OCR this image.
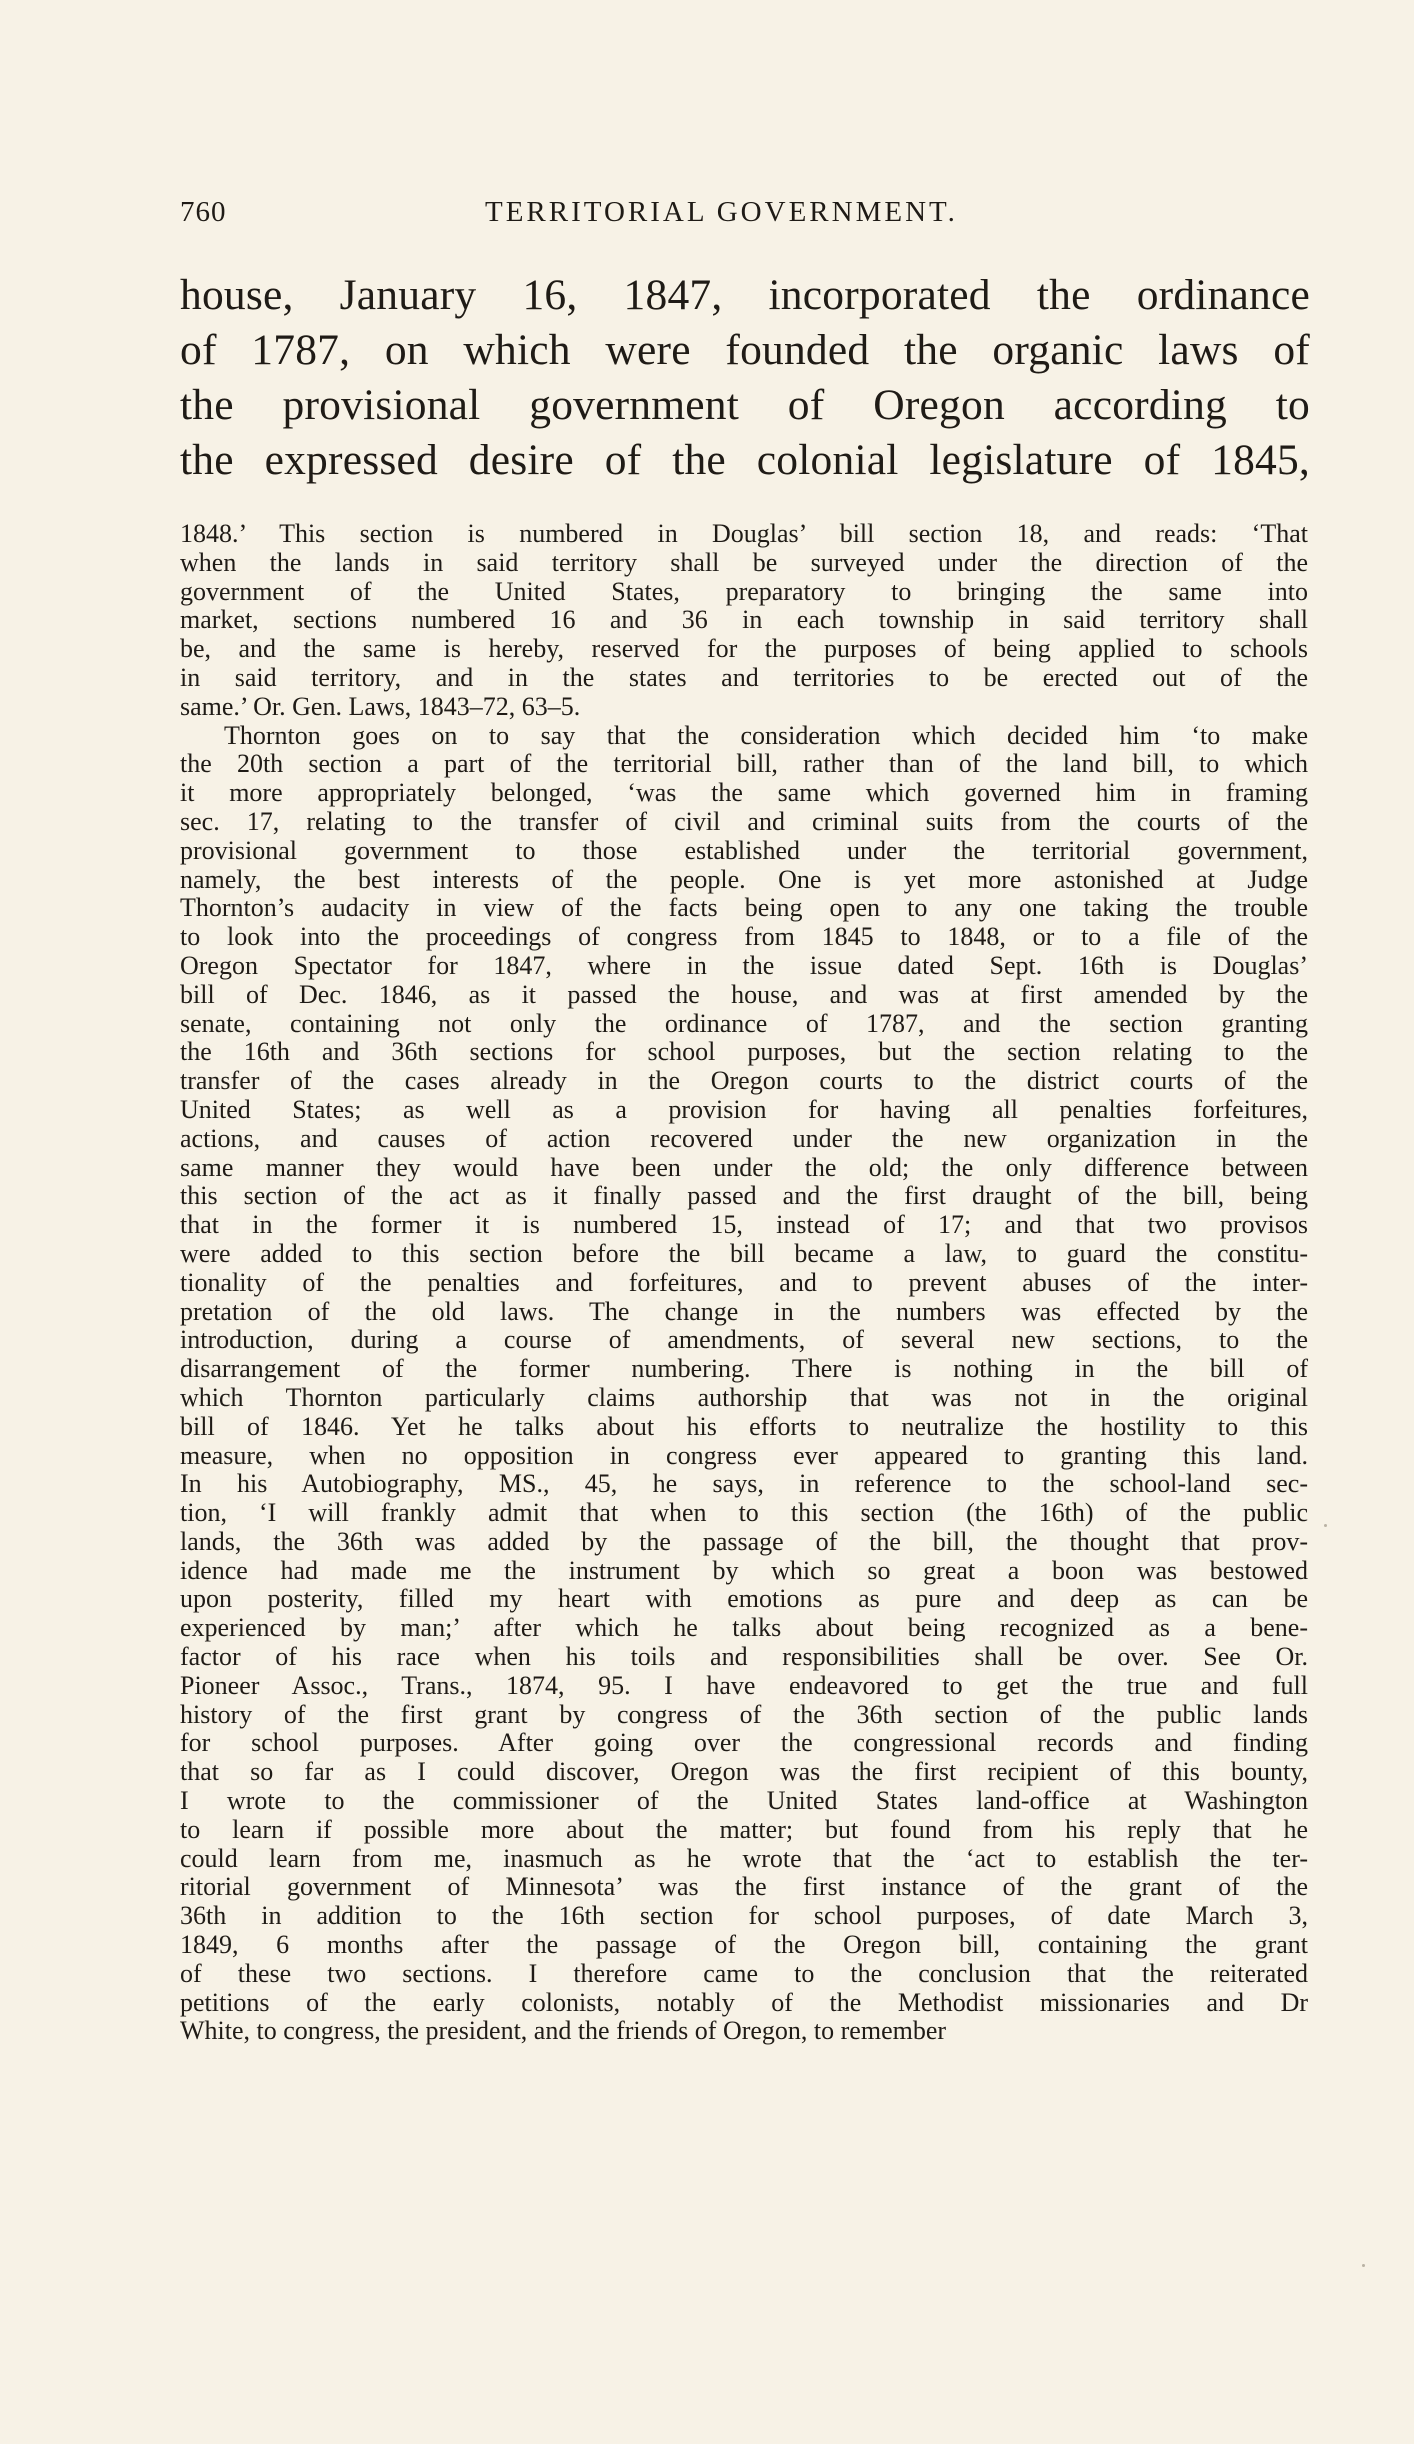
760	TERRITORIAL GOVERNMENT.
house, January 16, 1847, incorporated the ordinance
of 1787, on which were founded the organic laws of
the provisional government of Oregon according to
the expressed desire of the colonial legislature of 1845,
1848.’ This section is numbered in Douglas’ bill section 18, and reads: ‘That
when the lands in said territory shall be surveyed under the direction of the
government of the United States, preparatory to bringing the same into
market, sections numbered 16 and 36 in each township in said territory shall
be, and the same is hereby, reserved for the purposes of being applied to schools
in said territory, and in the states and territories to be erected out of the
same.’ Or. Gen. Laws, 1843–72, 63–5.
Thornton goes on to say that the consideration which decided him ‘to make
the 20th section a part of the territorial bill, rather than of the land bill, to which
it more appropriately belonged, ‘was the same which governed him in framing
sec. 17, relating to the transfer of civil and criminal suits from the courts of the
provisional government to those established under the territorial government,
namely, the best interests of the people. One is yet more astonished at Judge
Thornton’s audacity in view of the facts being open to any one taking the trouble
to look into the proceedings of congress from 1845 to 1848, or to a file of the
Oregon Spectator for 1847, where in the issue dated Sept. 16th is Douglas’
bill of Dec. 1846, as it passed the house, and was at first amended by the
senate, containing not only the ordinance of 1787, and the section granting
the 16th and 36th sections for school purposes, but the section relating to the
transfer of the cases already in the Oregon courts to the district courts of the
United States; as well as a provision for having all penalties forfeitures,
actions, and causes of action recovered under the new organization in the
same manner they would have been under the old; the only difference between
this section of the act as it finally passed and the first draught of the bill, being
that in the former it is numbered 15, instead of 17; and that two provisos
were added to this section before the bill became a law, to guard the constitu-
tionality of the penalties and forfeitures, and to prevent abuses of the inter-
pretation of the old laws. The change in the numbers was effected by the
introduction, during a course of amendments, of several new sections, to the
disarrangement of the former numbering. There is nothing in the bill of
which Thornton particularly claims authorship that was not in the original
bill of 1846. Yet he talks about his efforts to neutralize the hostility to this
measure, when no opposition in congress ever appeared to granting this land.
In his Autobiography, MS., 45, he says, in reference to the school-land sec-
tion, ‘I will frankly admit that when to this section (the 16th) of the public
lands, the 36th was added by the passage of the bill, the thought that prov-
idence had made me the instrument by which so great a boon was bestowed
upon posterity, filled my heart with emotions as pure and deep as can be
experienced by man;’ after which he talks about being recognized as a bene-
factor of his race when his toils and responsibilities shall be over. See Or.
Pioneer Assoc., Trans., 1874, 95. I have endeavored to get the true and full
history of the first grant by congress of the 36th section of the public lands
for school purposes. After going over the congressional records and finding
that so far as I could discover, Oregon was the first recipient of this bounty,
I wrote to the commissioner of the United States land-office at Washington
to learn if possible more about the matter; but found from his reply that he
could learn from me, inasmuch as he wrote that the ‘act to establish the ter-
ritorial government of Minnesota’ was the first instance of the grant of the
36th in addition to the 16th section for school purposes, of date March 3,
1849, 6 months after the passage of the Oregon bill, containing the grant
of these two sections. I therefore came to the conclusion that the reiterated
petitions of the early colonists, notably of the Methodist missionaries and Dr
White, to congress, the president, and the friends of Oregon, to remember
